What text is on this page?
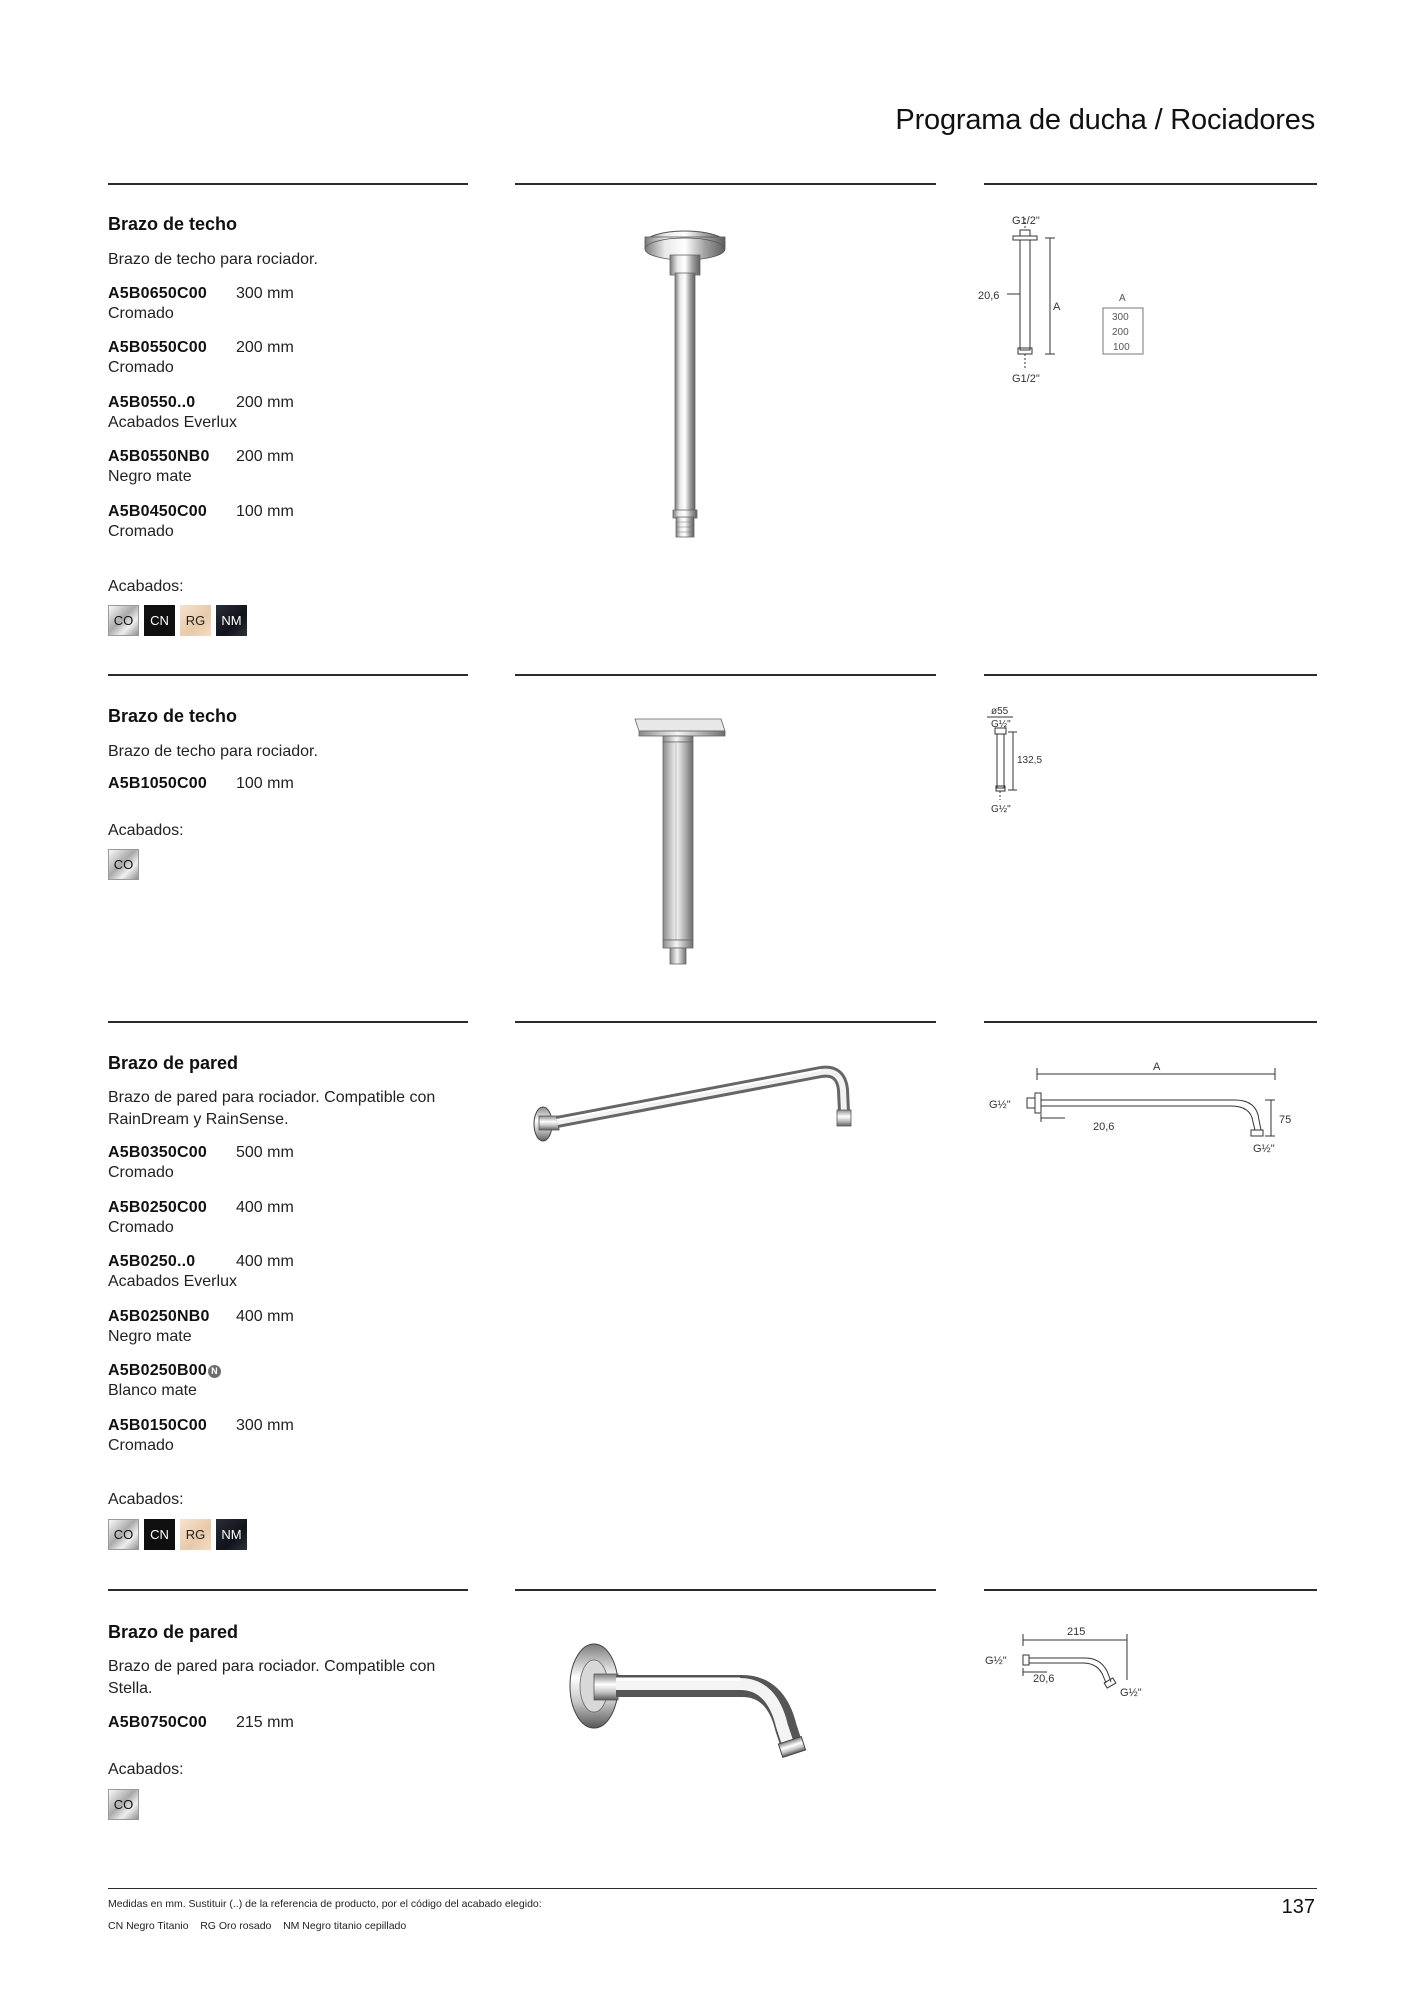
Programa de ducha / Rociadores
Brazo de techo
Brazo de techo para rociador.
A5B0650C00 300 mm
Cromado
A5B0550C00 200 mm
Cromado
A5B0550..0	200 mm
Acabados Everlux
A5B0550NB0 200 mm
Negro mate
A5B0450C00 100 mm
Cromado
Acabados:
CO	CN	RG	NM
G1/2"
20,6
A
G1/2"
A
300
200
100
Brazo de techo
Brazo de techo para rociador.
A5B1050C00 100 mm
Acabados:
CO
ø55
G½"
132,5
G½"
Brazo de pared
Brazo de pared para rociador. Compatible con RainDream y RainSense.
A5B0350C00 500 mm
Cromado
A5B0250C00 400 mm
Cromado
A5B0250..0	400 mm
Acabados Everlux
A5B0250NB0 400 mm
Negro mate
A5B0250B00 N
Blanco mate
A5B0150C00 300 mm
Cromado
Acabados:
CO	CN	RG	NM
A
G½"
20,6
75
G½"
Brazo de pared
Brazo de pared para rociador. Compatible con Stella.
A5B0750C00 215 mm
Acabados:
CO
215
G½"
20,6
G½"
Medidas en mm. Sustituir (..) de la referencia de producto, por el código del acabado elegido:
CN Negro Titanio    RG Oro rosado    NM Negro titanio cepillado
137
